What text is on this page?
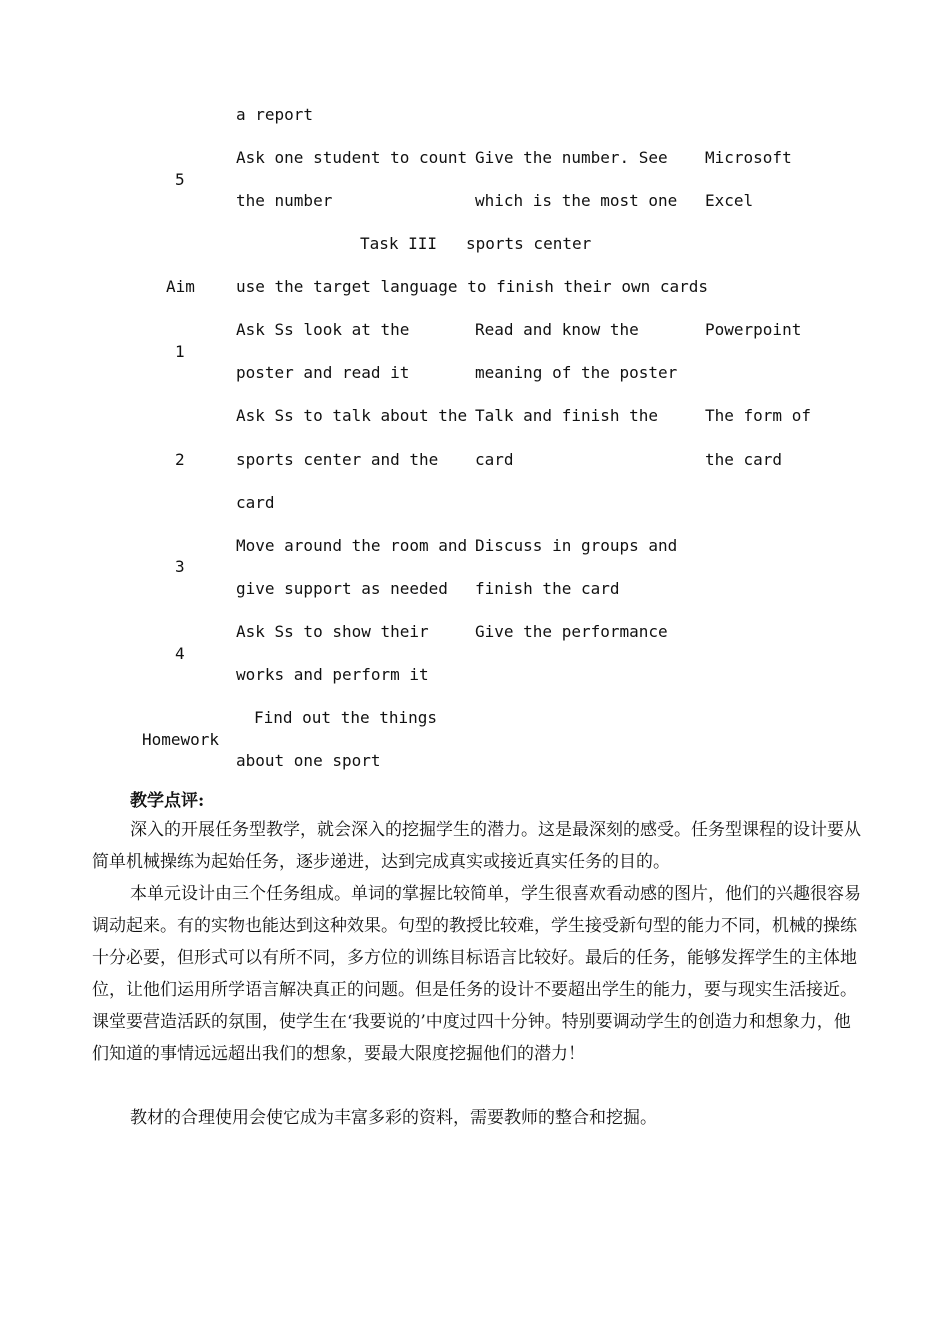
a report
5
Ask one student to count
the number
Give the number. See
which is the most one
Microsoft
Excel
Task III sports center
Aim	use the target language to finish their own cards
1
Ask Ss look at the
poster and read it
Read and know the
meaning of the poster
Powerpoint
2
Ask Ss to talk about the
sports center and the
card
Talk and finish the
card
The form of
the card
3
Move around the room and
give support as needed
Discuss in groups and
finish the card
4
Ask Ss to show their
works and perform it
Give the performance
Homework
Find out the things
about one sport
教学点评:
深入的开展任务型教学，就会深入的挖掘学生的潜力。这是最深刻的感受。任务型课程的设计要从简单机械操练为起始任务，逐步递进，达到完成真实或接近真实任务的目的。
本单元设计由三个任务组成。单词的掌握比较简单，学生很喜欢看动感的图片，他们的兴趣很容易调动起来。有的实物也能达到这种效果。句型的教授比较难，学生接受新句型的能力不同，机械的操练十分必要，但形式可以有所不同，多方位的训练目标语言比较好。最后的任务，能够发挥学生的主体地位，让他们运用所学语言解决真正的问题。但是任务的设计不要超出学生的能力，要与现实生活接近。课堂要营造活跃的氛围，使学生在‘我要说的’中度过四十分钟。特别要调动学生的创造力和想象力，他们知道的事情远远超出我们的想象，要最大限度挖掘他们的潜力！
教材的合理使用会使它成为丰富多彩的资料，需要教师的整合和挖掘。
